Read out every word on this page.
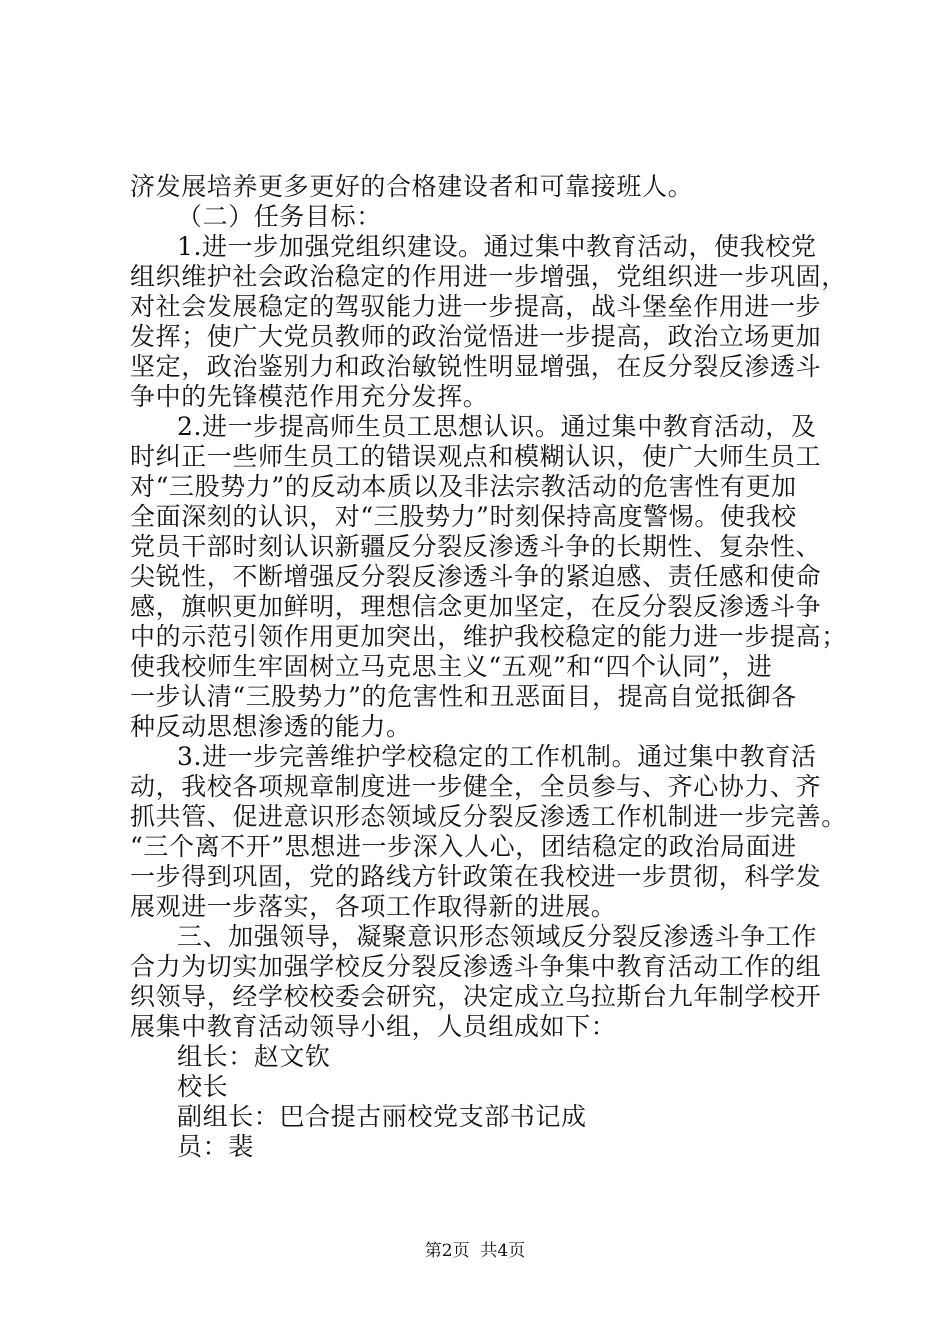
济发展培养更多更好的合格建设者和可靠接班人。
（二）任务目标：
1.进一步加强党组织建设。通过集中教育活动，使我校党
组织维护社会政治稳定的作用进一步增强，党组织进一步巩固，
对社会发展稳定的驾驭能力进一步提高，战斗堡垒作用进一步
发挥；使广大党员教师的政治觉悟进一步提高，政治立场更加
坚定，政治鉴别力和政治敏锐性明显增强，在反分裂反渗透斗
争中的先锋模范作用充分发挥。
2.进一步提高师生员工思想认识。通过集中教育活动，及
时纠正一些师生员工的错误观点和模糊认识，使广大师生员工
对“三股势力”的反动本质以及非法宗教活动的危害性有更加
全面深刻的认识，对“三股势力”时刻保持高度警惕。使我校
党员干部时刻认识新疆反分裂反渗透斗争的长期性、复杂性、
尖锐性，不断增强反分裂反渗透斗争的紧迫感、责任感和使命
感，旗帜更加鲜明，理想信念更加坚定，在反分裂反渗透斗争
中的示范引领作用更加突出，维护我校稳定的能力进一步提高；
使我校师生牢固树立马克思主义“五观”和“四个认同”，进
一步认清“三股势力”的危害性和丑恶面目，提高自觉抵御各
种反动思想渗透的能力。
3.进一步完善维护学校稳定的工作机制。通过集中教育活
动，我校各项规章制度进一步健全，全员参与、齐心协力、齐
抓共管、促进意识形态领域反分裂反渗透工作机制进一步完善。
“三个离不开”思想进一步深入人心，团结稳定的政治局面进
一步得到巩固，党的路线方针政策在我校进一步贯彻，科学发
展观进一步落实，各项工作取得新的进展。
三、加强领导，凝聚意识形态领域反分裂反渗透斗争工作
合力为切实加强学校反分裂反渗透斗争集中教育活动工作的组
织领导，经学校校委会研究，决定成立乌拉斯台九年制学校开
展集中教育活动领导小组，人员组成如下：
组长：赵文钦
校长
副组长：巴合提古丽校党支部书记成
员：裴
第2页  共4页
